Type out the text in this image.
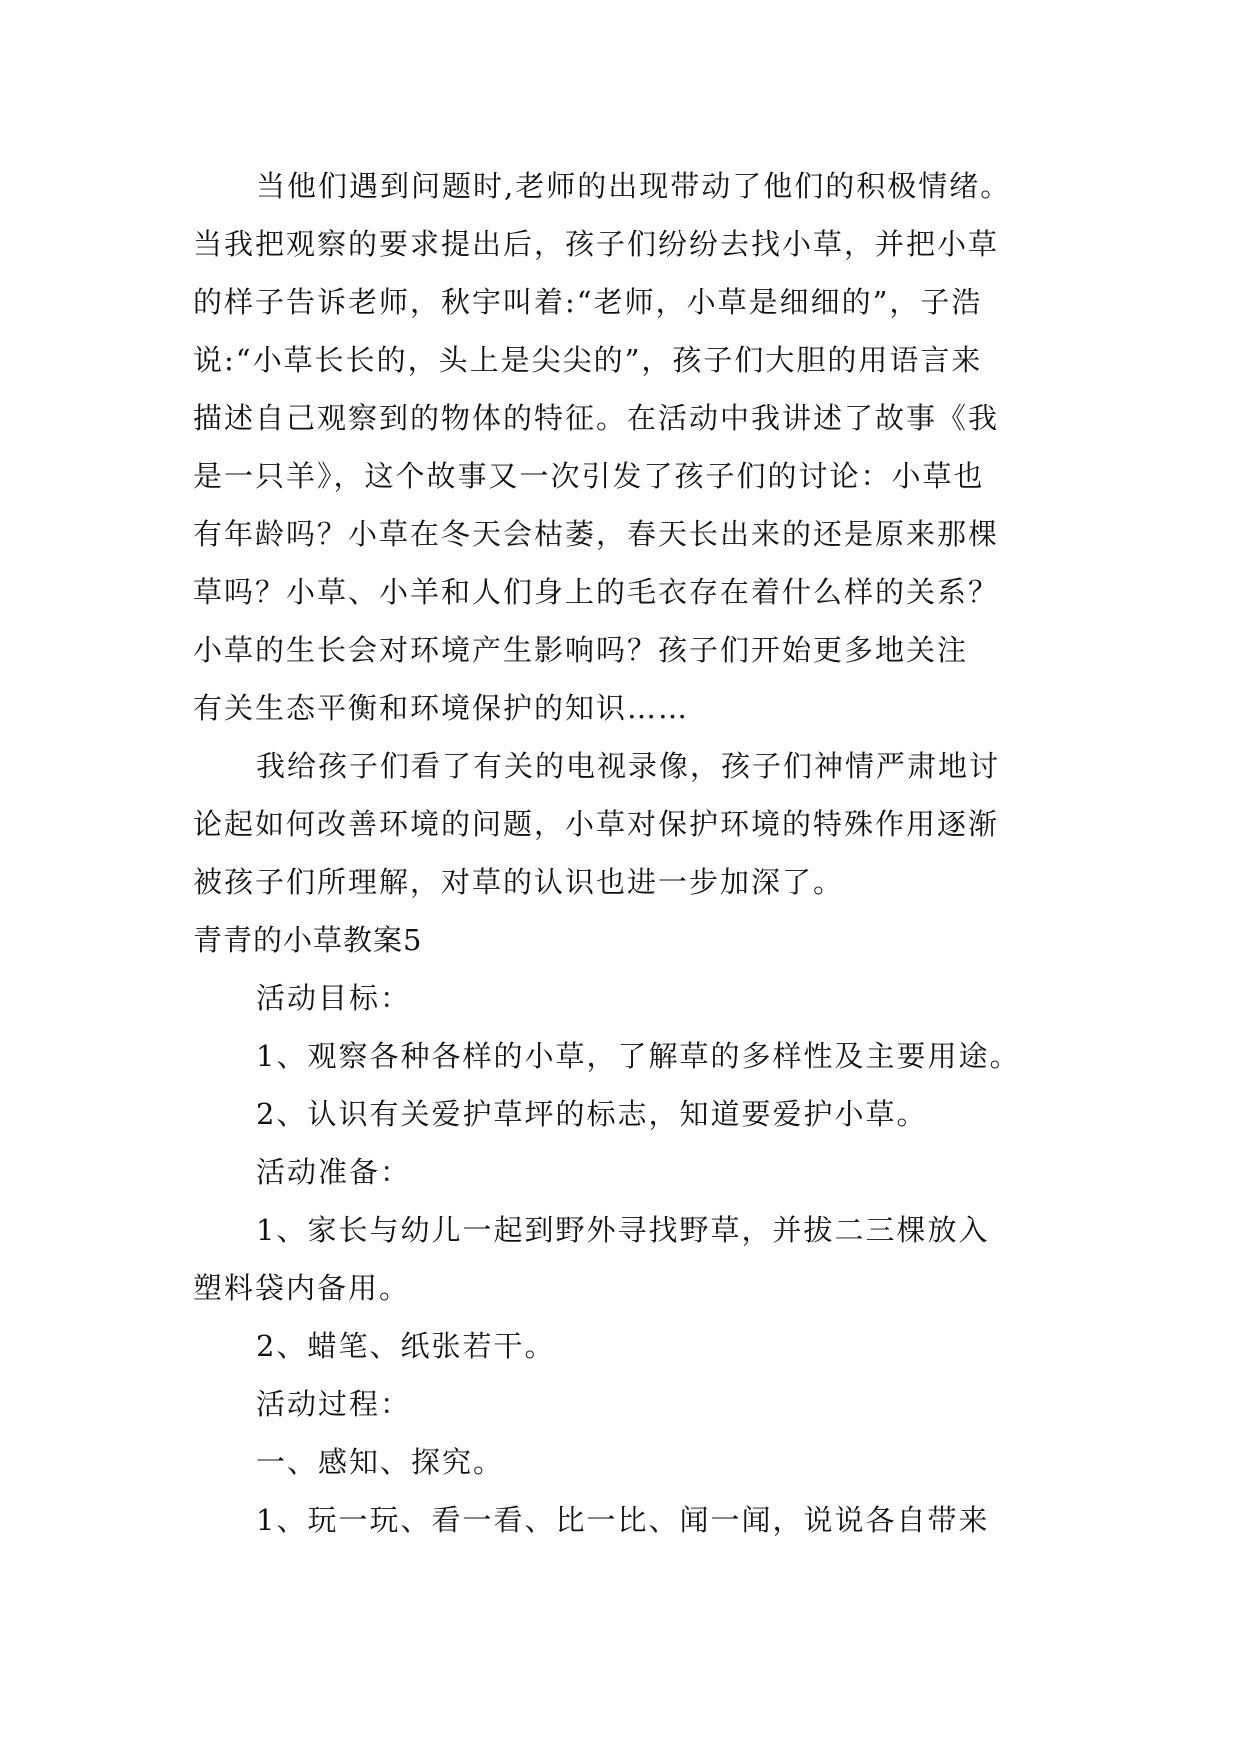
当他们遇到问题时,老师的出现带动了他们的积极情绪。
当我把观察的要求提出后，孩子们纷纷去找小草，并把小草
的样子告诉老师，秋宇叫着:“老师，小草是细细的”，子浩
说:“小草长长的，头上是尖尖的”，孩子们大胆的用语言来
描述自己观察到的物体的特征。在活动中我讲述了故事《我
是一只羊》，这个故事又一次引发了孩子们的讨论：小草也
有年龄吗？小草在冬天会枯萎，春天长出来的还是原来那棵
草吗？小草、小羊和人们身上的毛衣存在着什么样的关系？
小草的生长会对环境产生影响吗？孩子们开始更多地关注
有关生态平衡和环境保护的知识……
我给孩子们看了有关的电视录像，孩子们神情严肃地讨
论起如何改善环境的问题，小草对保护环境的特殊作用逐渐
被孩子们所理解，对草的认识也进一步加深了。
青青的小草教案5
活动目标：
1、观察各种各样的小草，了解草的多样性及主要用途。
2、认识有关爱护草坪的标志，知道要爱护小草。
活动准备：
1、家长与幼儿一起到野外寻找野草，并拔二三棵放入
塑料袋内备用。
2、蜡笔、纸张若干。
活动过程：
一、感知、探究。
1、玩一玩、看一看、比一比、闻一闻，说说各自带来
